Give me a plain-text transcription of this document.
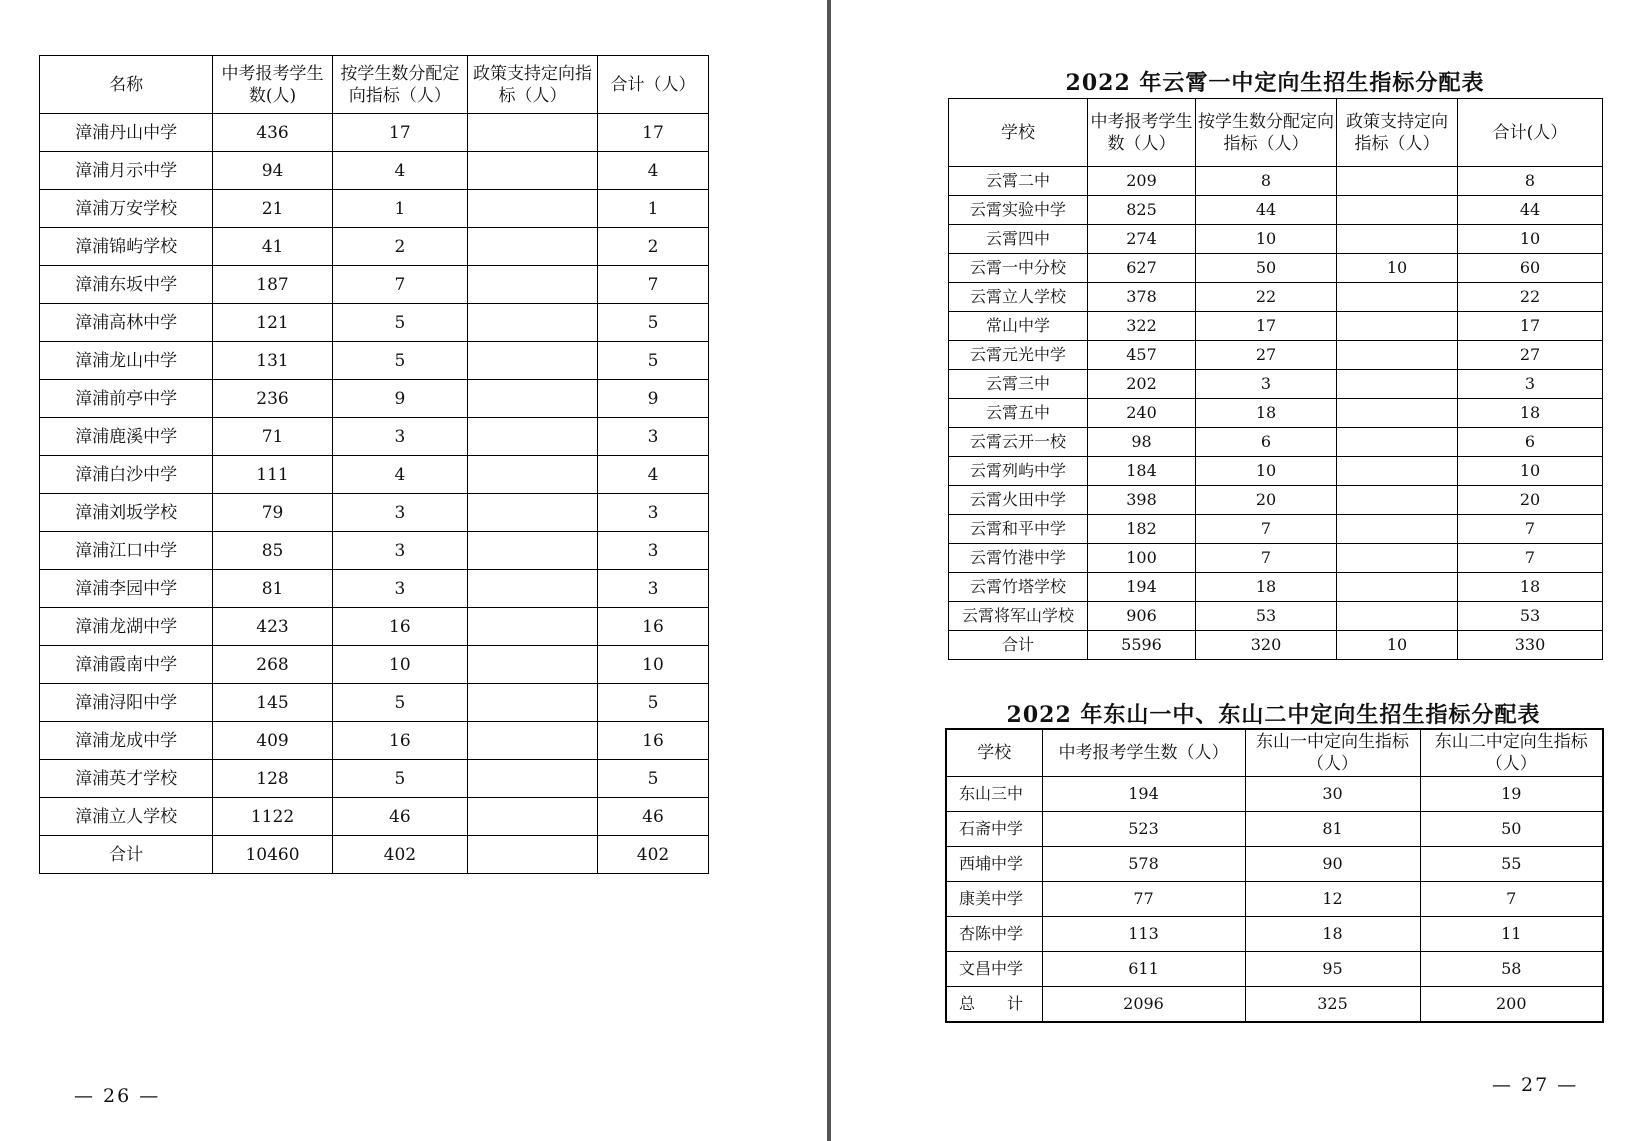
名称	中考报考学生数(人)	按学生数分配定向指标（人）	政策支持定向指标（人）	合计（人）
漳浦丹山中学	436	17		17
漳浦月示中学	94	4		4
漳浦万安学校	21	1		1
漳浦锦屿学校	41	2		2
漳浦东坂中学	187	7		7
漳浦高林中学	121	5		5
漳浦龙山中学	131	5		5
漳浦前亭中学	236	9		9
漳浦鹿溪中学	71	3		3
漳浦白沙中学	111	4		4
漳浦刘坂学校	79	3		3
漳浦江口中学	85	3		3
漳浦李园中学	81	3		3
漳浦龙湖中学	423	16		16
漳浦霞南中学	268	10		10
漳浦浔阳中学	145	5		5
漳浦龙成中学	409	16		16
漳浦英才学校	128	5		5
漳浦立人学校	1122	46		46
合计	10460	402		402
— 26 —
2022 年云霄一中定向生招生指标分配表
学校	中考报考学生数（人）	按学生数分配定向指标（人）	政策支持定向指标（人）	合计(人）
云霄二中	209	8		8
云霄实验中学	825	44		44
云霄四中	274	10		10
云霄一中分校	627	50	10	60
云霄立人学校	378	22		22
常山中学	322	17		17
云霄元光中学	457	27		27
云霄三中	202	3		3
云霄五中	240	18		18
云霄云开一校	98	6		6
云霄列屿中学	184	10		10
云霄火田中学	398	20		20
云霄和平中学	182	7		7
云霄竹港中学	100	7		7
云霄竹塔学校	194	18		18
云霄将军山学校	906	53		53
合计	5596	320	10	330
2022 年东山一中、东山二中定向生招生指标分配表
学校	中考报考学生数（人）	东山一中定向生指标（人）	东山二中定向生指标（人）
东山三中	194	30	19
石斋中学	523	81	50
西埔中学	578	90	55
康美中学	77	12	7
杏陈中学	113	18	11
文昌中学	611	95	58
总　　计	2096	325	200
— 27 —
